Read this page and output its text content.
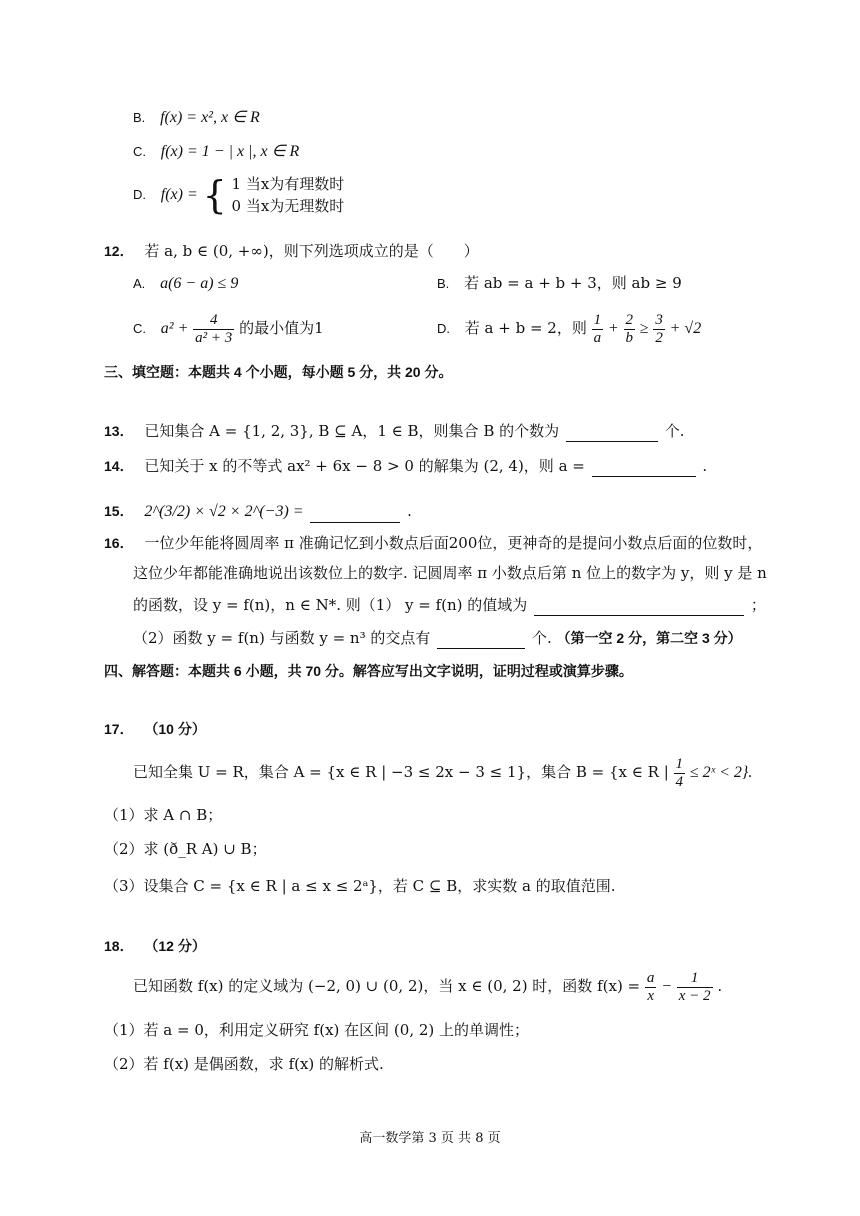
B. f(x) = x², x ∈ R
C. f(x) = 1 − | x |, x ∈ R
D. f(x) = { 1 当x为有理数时
0 当x为无理数时
12． 若 a, b ∈ (0, +∞)，则下列选项成立的是（　　）
A. a(6 − a) ≤ 9	B. 若 ab = a + b + 3，则 ab ≥ 9
C. $a^2 + \frac{4}{\text{a² + 3}}$ 的最小值为1	D. 若 a + b = 2，则 $\frac{1}{a} + \frac{2}{b} \ge \frac{3}{2} + √2$
三、填空题：本题共 4 个小题，每小题 5 分，共 20 分。
13． 已知集合 A = {1, 2, 3}, B ⊆ A，1 ∈ B，则集合 B 的个数为	个.
14． 已知关于 x 的不等式 ax² + 6x − 8 > 0 的解集为 (2, 4)，则 a =	.
15． 2^(3/2) × √2 × 2^(−3) =	.
16． 一位少年能将圆周率 π 准确记忆到小数点后面200位，更神奇的是提问小数点后面的位数时，
这位少年都能准确地说出该数位上的数字. 记圆周率 π 小数点后第 n 位上的数字为 y，则 y 是 n
的函数，设 y = f(n)，n ∈ N*. 则（1） y = f(n) 的值域为	；
（2）函数 y = f(n) 与函数 y = n³ 的交点有	个. （第一空 2 分，第二空 3 分）
四、解答题：本题共 6 小题，共 70 分。解答应写出文字说明，证明过程或演算步骤。
17． （10 分）
已知全集 U = R，集合 A = {x ∈ R | −3 ≤ 2x − 3 ≤ 1}，集合 B = {x ∈ R | $\frac{1}{4}$ ≤ 2ˣ < 2}.
（1）求 A ∩ B；
（2）求 (ð_R A) ∪ B；
（3）设集合 C = {x ∈ R | a ≤ x ≤ 2ᵃ}，若 C ⊆ B，求实数 a 的取值范围.
18． （12 分）
已知函数 f(x) 的定义域为 (−2, 0) ∪ (0, 2)，当 x ∈ (0, 2) 时，函数 $f(x) = \frac{a}{x} - \frac{1}{x - 2}$ .
（1）若 a = 0，利用定义研究 f(x) 在区间 (0, 2) 上的单调性；
（2）若 f(x) 是偶函数，求 f(x) 的解析式.
高一数学第 3 页 共 8 页
